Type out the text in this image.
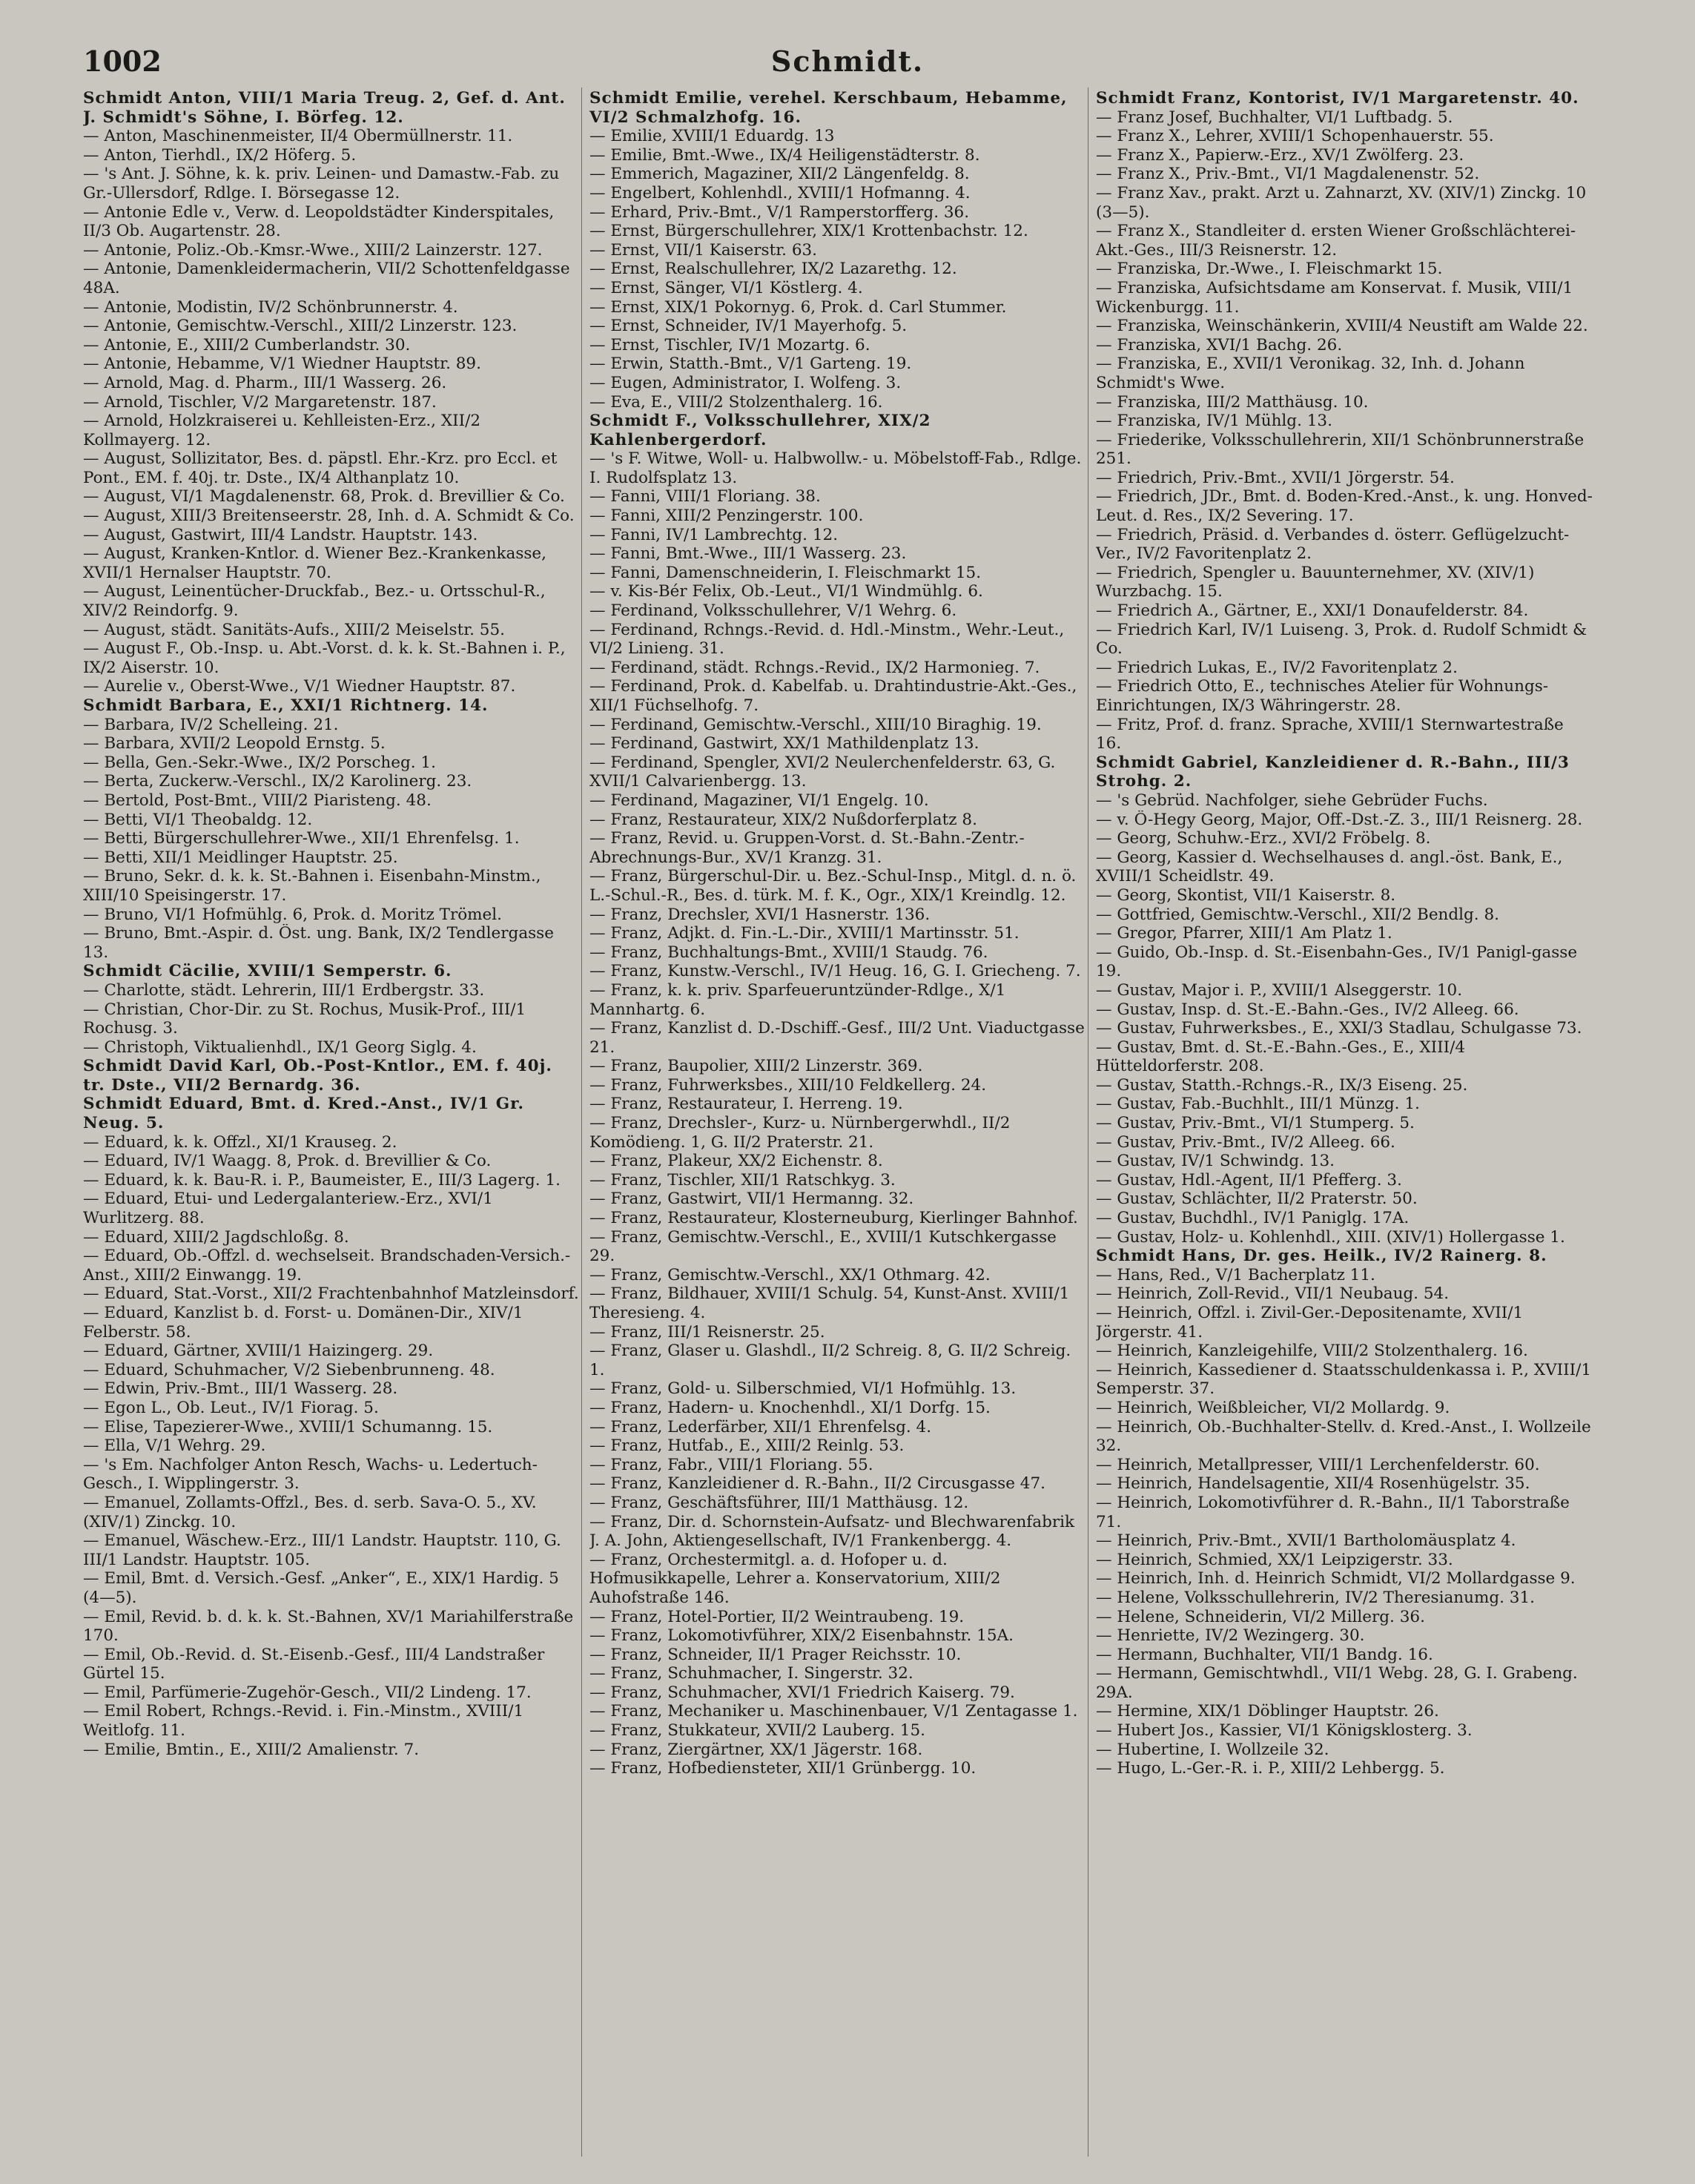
1002	Schmidt.

Schmidt Anton, VIII/1 Maria Treug. 2, Gef. d. Ant. J. Schmidt's Söhne, I. Börfeg. 12.

— Anton, Maschinenmeister, II/4 Obermüllnerstr. 11.

— Anton, Tierhdl., IX/2 Höferg. 5.

— 's Ant. J. Söhne, k. k. priv. Leinen- und Damastw.-Fab. zu Gr.-Ullersdorf, Rdlge. I. Börsegasse 12.

— Antonie Edle v., Verw. d. Leopoldstädter Kinderspitales, II/3 Ob. Augartenstr. 28.

— Antonie, Poliz.-Ob.-Kmsr.-Wwe., XIII/2 Lainzerstr. 127.

— Antonie, Damenkleidermacherin, VII/2 Schottenfeldgasse 48A.

— Antonie, Modistin, IV/2 Schönbrunnerstr. 4.

— Antonie, Gemischtw.-Verschl., XIII/2 Linzerstr. 123.

— Antonie, E., XIII/2 Cumberlandstr. 30.

— Antonie, Hebamme, V/1 Wiedner Hauptstr. 89.

— Arnold, Mag. d. Pharm., III/1 Wasserg. 26.

— Arnold, Tischler, V/2 Margaretenstr. 187.

— Arnold, Holzkraiserei u. Kehlleisten-Erz., XII/2 Kollmayerg. 12.

— August, Sollizitator, Bes. d. päpstl. Ehr.-Krz. pro Eccl. et Pont., EM. f. 40j. tr. Dste., IX/4 Althanplatz 10.

— August, VI/1 Magdalenenstr. 68, Prok. d. Brevillier & Co.

— August, XIII/3 Breitenseerstr. 28, Inh. d. A. Schmidt & Co.

— August, Gastwirt, III/4 Landstr. Hauptstr. 143.

— August, Kranken-Kntlor. d. Wiener Bez.-Krankenkasse, XVII/1 Hernalser Hauptstr. 70.

— August, Leinentücher-Druckfab., Bez.- u. Ortsschul-R., XIV/2 Reindorfg. 9.

— August, städt. Sanitäts-Aufs., XIII/2 Meiselstr. 55.

— August F., Ob.-Insp. u. Abt.-Vorst. d. k. k. St.-Bahnen i. P., IX/2 Aiserstr. 10.

— Aurelie v., Oberst-Wwe., V/1 Wiedner Hauptstr. 87.

Schmidt Barbara, E., XXI/1 Richtnerg. 14.

— Barbara, IV/2 Schelleing. 21.

— Barbara, XVII/2 Leopold Ernstg. 5.

— Bella, Gen.-Sekr.-Wwe., IX/2 Porscheg. 1.

— Berta, Zuckerw.-Verschl., IX/2 Karolinerg. 23.

— Bertold, Post-Bmt., VIII/2 Piaristeng. 48.

— Betti, VI/1 Theobaldg. 12.

— Betti, Bürgerschullehrer-Wwe., XII/1 Ehrenfelsg. 1.

— Betti, XII/1 Meidlinger Hauptstr. 25.

— Bruno, Sekr. d. k. k. St.-Bahnen i. Eisenbahn-Minstm., XIII/10 Speisingerstr. 17.

— Bruno, VI/1 Hofmühlg. 6, Prok. d. Moritz Trömel.

— Bruno, Bmt.-Aspir. d. Öst. ung. Bank, IX/2 Tendlergasse 13.

Schmidt Cäcilie, XVIII/1 Semperstr. 6.

— Charlotte, städt. Lehrerin, III/1 Erdbergstr. 33.

— Christian, Chor-Dir. zu St. Rochus, Musik-Prof., III/1 Rochusg. 3.

— Christoph, Viktualienhdl., IX/1 Georg Siglg. 4.

Schmidt David Karl, Ob.-Post-Kntlor., EM. f. 40j. tr. Dste., VII/2 Bernardg. 36.

Schmidt Eduard, Bmt. d. Kred.-Anst., IV/1 Gr. Neug. 5.

— Eduard, k. k. Offzl., XI/1 Krauseg. 2.

— Eduard, IV/1 Waagg. 8, Prok. d. Brevillier & Co.

— Eduard, k. k. Bau-R. i. P., Baumeister, E., III/3 Lagerg. 1.

— Eduard, Etui- und Ledergalanteriew.-Erz., XVI/1 Wurlitzerg. 88.

— Eduard, XIII/2 Jagdschloßg. 8.

— Eduard, Ob.-Offzl. d. wechselseit. Brandschaden-Versich.-Anst., XIII/2 Einwangg. 19.

— Eduard, Stat.-Vorst., XII/2 Frachtenbahnhof Matzleinsdorf.

— Eduard, Kanzlist b. d. Forst- u. Domänen-Dir., XIV/1 Felberstr. 58.

— Eduard, Gärtner, XVIII/1 Haizingerg. 29.

— Eduard, Schuhmacher, V/2 Siebenbrunneng. 48.

— Edwin, Priv.-Bmt., III/1 Wasserg. 28.

— Egon L., Ob. Leut., IV/1 Fiorag. 5.

— Elise, Tapezierer-Wwe., XVIII/1 Schumanng. 15.

— Ella, V/1 Wehrg. 29.

— 's Em. Nachfolger Anton Resch, Wachs- u. Ledertuch-Gesch., I. Wipplingerstr. 3.

— Emanuel, Zollamts-Offzl., Bes. d. serb. Sava-O. 5., XV. (XIV/1) Zinckg. 10.

— Emanuel, Wäschew.-Erz., III/1 Landstr. Hauptstr. 110, G. III/1 Landstr. Hauptstr. 105.

— Emil, Bmt. d. Versich.-Gesf. „Anker“, E., XIX/1 Hardig. 5 (4—5).

— Emil, Revid. b. d. k. k. St.-Bahnen, XV/1 Mariahilferstraße 170.

— Emil, Ob.-Revid. d. St.-Eisenb.-Gesf., III/4 Landstraßer Gürtel 15.

— Emil, Parfümerie-Zugehör-Gesch., VII/2 Lindeng. 17.

— Emil Robert, Rchngs.-Revid. i. Fin.-Minstm., XVIII/1 Weitlofg. 11.

— Emilie, Bmtin., E., XIII/2 Amalienstr. 7.

Schmidt Emilie, verehel. Kerschbaum, Hebamme, VI/2 Schmalzhofg. 16.

— Emilie, XVIII/1 Eduardg. 13

— Emilie, Bmt.-Wwe., IX/4 Heiligenstädterstr. 8.

— Emmerich, Magaziner, XII/2 Längenfeldg. 8.

— Engelbert, Kohlenhdl., XVIII/1 Hofmanng. 4.

— Erhard, Priv.-Bmt., V/1 Ramperstorfferg. 36.

— Ernst, Bürgerschullehrer, XIX/1 Krottenbachstr. 12.

— Ernst, VII/1 Kaiserstr. 63.

— Ernst, Realschullehrer, IX/2 Lazarethg. 12.

— Ernst, Sänger, VI/1 Köstlerg. 4.

— Ernst, XIX/1 Pokornyg. 6, Prok. d. Carl Stummer.

— Ernst, Schneider, IV/1 Mayerhofg. 5.

— Ernst, Tischler, IV/1 Mozartg. 6.

— Erwin, Statth.-Bmt., V/1 Garteng. 19.

— Eugen, Administrator, I. Wolfeng. 3.

— Eva, E., VIII/2 Stolzenthalerg. 16.

Schmidt F., Volksschullehrer, XIX/2 Kahlenbergerdorf.

— 's F. Witwe, Woll- u. Halbwollw.- u. Möbelstoff-Fab., Rdlge. I. Rudolfsplatz 13.

— Fanni, VIII/1 Floriang. 38.

— Fanni, XIII/2 Penzingerstr. 100.

— Fanni, IV/1 Lambrechtg. 12.

— Fanni, Bmt.-Wwe., III/1 Wasserg. 23.

— Fanni, Damenschneiderin, I. Fleischmarkt 15.

— v. Kis-Bér Felix, Ob.-Leut., VI/1 Windmühlg. 6.

— Ferdinand, Volksschullehrer, V/1 Wehrg. 6.

— Ferdinand, Rchngs.-Revid. d. Hdl.-Minstm., Wehr.-Leut., VI/2 Linieng. 31.

— Ferdinand, städt. Rchngs.-Revid., IX/2 Harmonieg. 7.

— Ferdinand, Prok. d. Kabelfab. u. Drahtindustrie-Akt.-Ges., XII/1 Füchselhofg. 7.

— Ferdinand, Gemischtw.-Verschl., XIII/10 Biraghig. 19.

— Ferdinand, Gastwirt, XX/1 Mathildenplatz 13.

— Ferdinand, Spengler, XVI/2 Neulerchenfelderstr. 63, G. XVII/1 Calvarienbergg. 13.

— Ferdinand, Magaziner, VI/1 Engelg. 10.

— Franz, Restaurateur, XIX/2 Nußdorferplatz 8.

— Franz, Revid. u. Gruppen-Vorst. d. St.-Bahn.-Zentr.-Abrechnungs-Bur., XV/1 Kranzg. 31.

— Franz, Bürgerschul-Dir. u. Bez.-Schul-Insp., Mitgl. d. n. ö. L.-Schul.-R., Bes. d. türk. M. f. K., Ogr., XIX/1 Kreindlg. 12.

— Franz, Drechsler, XVI/1 Hasnerstr. 136.

— Franz, Adjkt. d. Fin.-L.-Dir., XVIII/1 Martinsstr. 51.

— Franz, Buchhaltungs-Bmt., XVIII/1 Staudg. 76.

— Franz, Kunstw.-Verschl., IV/1 Heug. 16, G. I. Griecheng. 7.

— Franz, k. k. priv. Sparfeueruntzünder-Rdlge., X/1 Mannhartg. 6.

— Franz, Kanzlist d. D.-Dschiff.-Gesf., III/2 Unt. Viaductgasse 21.

— Franz, Baupolier, XIII/2 Linzerstr. 369.

— Franz, Fuhrwerksbes., XIII/10 Feldkellerg. 24.

— Franz, Restaurateur, I. Herreng. 19.

— Franz, Drechsler-, Kurz- u. Nürnbergerwhdl., II/2 Komödieng. 1, G. II/2 Praterstr. 21.

— Franz, Plakeur, XX/2 Eichenstr. 8.

— Franz, Tischler, XII/1 Ratschkyg. 3.

— Franz, Gastwirt, VII/1 Hermanng. 32.

— Franz, Restaurateur, Klosterneuburg, Kierlinger Bahnhof.

— Franz, Gemischtw.-Verschl., E., XVIII/1 Kutschkergasse 29.

— Franz, Gemischtw.-Verschl., XX/1 Othmarg. 42.

— Franz, Bildhauer, XVIII/1 Schulg. 54, Kunst-Anst. XVIII/1 Theresieng. 4.

— Franz, III/1 Reisnerstr. 25.

— Franz, Glaser u. Glashdl., II/2 Schreig. 8, G. II/2 Schreig. 1.

— Franz, Gold- u. Silberschmied, VI/1 Hofmühlg. 13.

— Franz, Hadern- u. Knochenhdl., XI/1 Dorfg. 15.

— Franz, Lederfärber, XII/1 Ehrenfelsg. 4.

— Franz, Hutfab., E., XIII/2 Reinlg. 53.

— Franz, Fabr., VIII/1 Floriang. 55.

— Franz, Kanzleidiener d. R.-Bahn., II/2 Circusgasse 47.

— Franz, Geschäftsführer, III/1 Matthäusg. 12.

— Franz, Dir. d. Schornstein-Aufsatz- und Blechwarenfabrik J. A. John, Aktiengesellschaft, IV/1 Frankenbergg. 4.

— Franz, Orchestermitgl. a. d. Hofoper u. d. Hofmusikkapelle, Lehrer a. Konservatorium, XIII/2 Auhofstraße 146.

— Franz, Hotel-Portier, II/2 Weintraubeng. 19.

— Franz, Lokomotivführer, XIX/2 Eisenbahnstr. 15A.

— Franz, Schneider, II/1 Prager Reichsstr. 10.

— Franz, Schuhmacher, I. Singerstr. 32.

— Franz, Schuhmacher, XVI/1 Friedrich Kaiserg. 79.

— Franz, Mechaniker u. Maschinenbauer, V/1 Zentagasse 1.

— Franz, Stukkateur, XVII/2 Lauberg. 15.

— Franz, Ziergärtner, XX/1 Jägerstr. 168.

— Franz, Hofbediensteter, XII/1 Grünbergg. 10.

Schmidt Franz, Kontorist, IV/1 Margaretenstr. 40.

— Franz Josef, Buchhalter, VI/1 Luftbadg. 5.

— Franz X., Lehrer, XVIII/1 Schopenhauerstr. 55.

— Franz X., Papierw.-Erz., XV/1 Zwölferg. 23.

— Franz X., Priv.-Bmt., VI/1 Magdalenenstr. 52.

— Franz Xav., prakt. Arzt u. Zahnarzt, XV. (XIV/1) Zinckg. 10 (3—5).

— Franz X., Standleiter d. ersten Wiener Großschlächterei-Akt.-Ges., III/3 Reisnerstr. 12.

— Franziska, Dr.-Wwe., I. Fleischmarkt 15.

— Franziska, Aufsichtsdame am Konservat. f. Musik, VIII/1 Wickenburgg. 11.

— Franziska, Weinschänkerin, XVIII/4 Neustift am Walde 22.

— Franziska, XVI/1 Bachg. 26.

— Franziska, E., XVII/1 Veronikag. 32, Inh. d. Johann Schmidt's Wwe.

— Franziska, III/2 Matthäusg. 10.

— Franziska, IV/1 Mühlg. 13.

— Friederike, Volksschullehrerin, XII/1 Schönbrunnerstraße 251.

— Friedrich, Priv.-Bmt., XVII/1 Jörgerstr. 54.

— Friedrich, JDr., Bmt. d. Boden-Kred.-Anst., k. ung. Honved-Leut. d. Res., IX/2 Severing. 17.

— Friedrich, Präsid. d. Verbandes d. österr. Geflügelzucht-Ver., IV/2 Favoritenplatz 2.

— Friedrich, Spengler u. Bauunternehmer, XV. (XIV/1) Wurzbachg. 15.

— Friedrich A., Gärtner, E., XXI/1 Donaufelderstr. 84.

— Friedrich Karl, IV/1 Luiseng. 3, Prok. d. Rudolf Schmidt & Co.

— Friedrich Lukas, E., IV/2 Favoritenplatz 2.

— Friedrich Otto, E., technisches Atelier für Wohnungs-Einrichtungen, IX/3 Währingerstr. 28.

— Fritz, Prof. d. franz. Sprache, XVIII/1 Sternwartestraße 16.

Schmidt Gabriel, Kanzleidiener d. R.-Bahn., III/3 Strohg. 2.

— 's Gebrüd. Nachfolger, siehe Gebrüder Fuchs.

— v. Ö-Hegy Georg, Major, Off.-Dst.-Z. 3., III/1 Reisnerg. 28.

— Georg, Schuhw.-Erz., XVI/2 Fröbelg. 8.

— Georg, Kassier d. Wechselhauses d. angl.-öst. Bank, E., XVIII/1 Scheidlstr. 49.

— Georg, Skontist, VII/1 Kaiserstr. 8.

— Gottfried, Gemischtw.-Verschl., XII/2 Bendlg. 8.

— Gregor, Pfarrer, XIII/1 Am Platz 1.

— Guido, Ob.-Insp. d. St.-Eisenbahn-Ges., IV/1 Panigl-gasse 19.

— Gustav, Major i. P., XVIII/1 Alseggerstr. 10.

— Gustav, Insp. d. St.-E.-Bahn.-Ges., IV/2 Alleeg. 66.

— Gustav, Fuhrwerksbes., E., XXI/3 Stadlau, Schulgasse 73.

— Gustav, Bmt. d. St.-E.-Bahn.-Ges., E., XIII/4 Hütteldorferstr. 208.

— Gustav, Statth.-Rchngs.-R., IX/3 Eiseng. 25.

— Gustav, Fab.-Buchhlt., III/1 Münzg. 1.

— Gustav, Priv.-Bmt., VI/1 Stumperg. 5.

— Gustav, Priv.-Bmt., IV/2 Alleeg. 66.

— Gustav, IV/1 Schwindg. 13.

— Gustav, Hdl.-Agent, II/1 Pfefferg. 3.

— Gustav, Schlächter, II/2 Praterstr. 50.

— Gustav, Buchdhl., IV/1 Paniglg. 17A.

— Gustav, Holz- u. Kohlenhdl., XIII. (XIV/1) Hollergasse 1.

Schmidt Hans, Dr. ges. Heilk., IV/2 Rainerg. 8.

— Hans, Red., V/1 Bacherplatz 11.

— Heinrich, Zoll-Revid., VII/1 Neubaug. 54.

— Heinrich, Offzl. i. Zivil-Ger.-Depositenamte, XVII/1 Jörgerstr. 41.

— Heinrich, Kanzleigehilfe, VIII/2 Stolzenthalerg. 16.

— Heinrich, Kassediener d. Staatsschuldenkassa i. P., XVIII/1 Semperstr. 37.

— Heinrich, Weißbleicher, VI/2 Mollardg. 9.

— Heinrich, Ob.-Buchhalter-Stellv. d. Kred.-Anst., I. Wollzeile 32.

— Heinrich, Metallpresser, VIII/1 Lerchenfelderstr. 60.

— Heinrich, Handelsagentie, XII/4 Rosenhügelstr. 35.

— Heinrich, Lokomotivführer d. R.-Bahn., II/1 Taborstraße 71.

— Heinrich, Priv.-Bmt., XVII/1 Bartholomäusplatz 4.

— Heinrich, Schmied, XX/1 Leipzigerstr. 33.

— Heinrich, Inh. d. Heinrich Schmidt, VI/2 Mollardgasse 9.

— Helene, Volksschullehrerin, IV/2 Theresianumg. 31.

— Helene, Schneiderin, VI/2 Millerg. 36.

— Henriette, IV/2 Wezingerg. 30.

— Hermann, Buchhalter, VII/1 Bandg. 16.

— Hermann, Gemischtwhdl., VII/1 Webg. 28, G. I. Grabeng. 29A.

— Hermine, XIX/1 Döblinger Hauptstr. 26.

— Hubert Jos., Kassier, VI/1 Königsklosterg. 3.

— Hubertine, I. Wollzeile 32.

— Hugo, L.-Ger.-R. i. P., XIII/2 Lehbergg. 5.
